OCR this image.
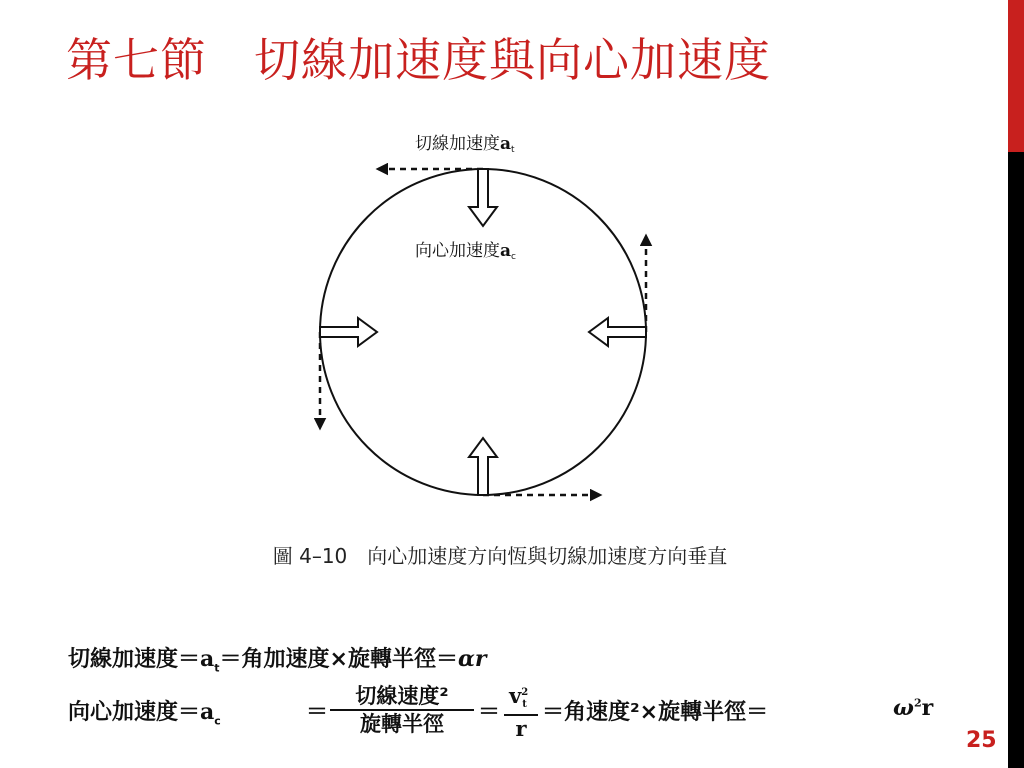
第七節　切線加速度與向心加速度
切線加速度at
向心加速度ac
圖 4–10　向心加速度方向恆與切線加速度方向垂直
切線加速度$=a_t=$角加速度×旋轉半徑＝αr
向心加速度$=a_c$	＝
切線速度²
旋轉半徑	＝
$v^2t$
r
＝角速度²×旋轉半徑＝	$\omega^2r$
25
